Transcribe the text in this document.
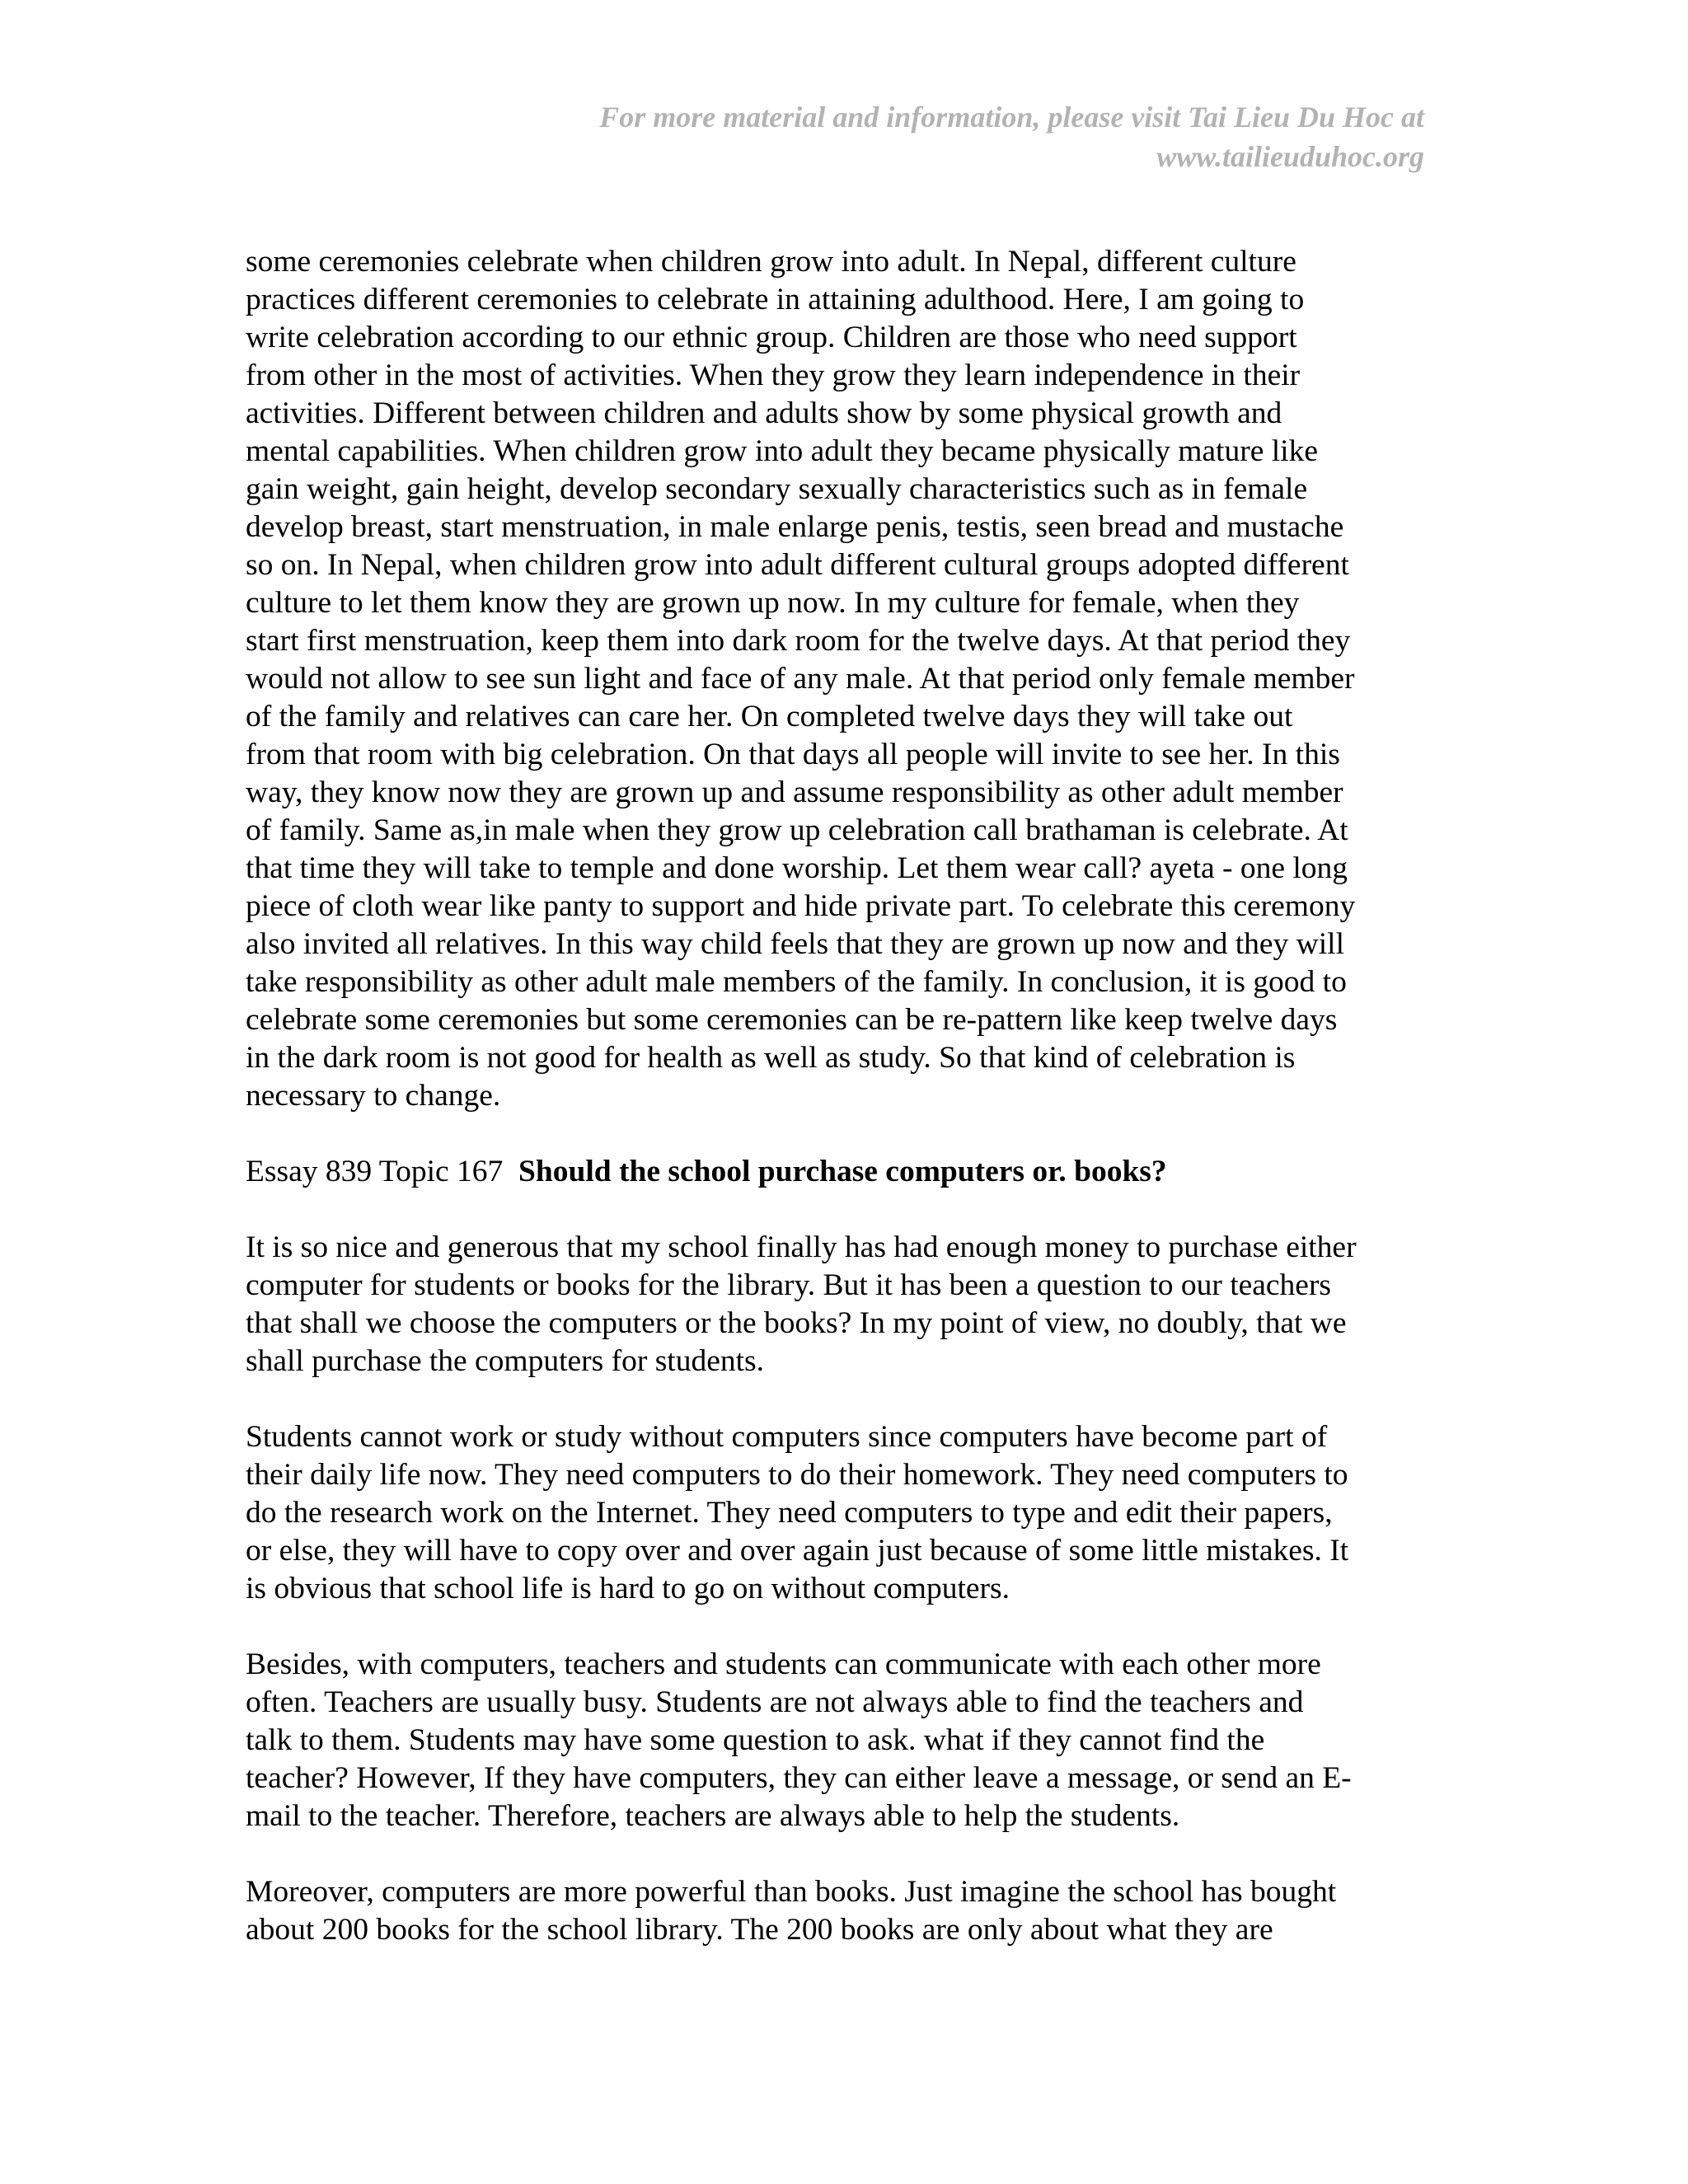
For more material and information, please visit Tai Lieu Du Hoc at
www.tailieuduhoc.org
some ceremonies celebrate when children grow into adult. In Nepal, different culture
practices different ceremonies to celebrate in attaining adulthood. Here, I am going to
write celebration according to our ethnic group. Children are those who need support
from other in the most of activities. When they grow they learn independence in their
activities. Different between children and adults show by some physical growth and
mental capabilities. When children grow into adult they became physically mature like
gain weight, gain height, develop secondary sexually characteristics such as in female
develop breast, start menstruation, in male enlarge penis, testis, seen bread and mustache
so on. In Nepal, when children grow into adult different cultural groups adopted different
culture to let them know they are grown up now. In my culture for female, when they
start first menstruation, keep them into dark room for the twelve days. At that period they
would not allow to see sun light and face of any male. At that period only female member
of the family and relatives can care her. On completed twelve days they will take out
from that room with big celebration. On that days all people will invite to see her. In this
way, they know now they are grown up and assume responsibility as other adult member
of family. Same as,in male when they grow up celebration call brathaman is celebrate. At
that time they will take to temple and done worship. Let them wear call? ayeta - one long
piece of cloth wear like panty to support and hide private part. To celebrate this ceremony
also invited all relatives. In this way child feels that they are grown up now and they will
take responsibility as other adult male members of the family. In conclusion, it is good to
celebrate some ceremonies but some ceremonies can be re-pattern like keep twelve days
in the dark room is not good for health as well as study. So that kind of celebration is
necessary to change.
Essay 839 Topic 167 Should the school purchase computers or. books?
It is so nice and generous that my school finally has had enough money to purchase either
computer for students or books for the library. But it has been a question to our teachers
that shall we choose the computers or the books? In my point of view, no doubly, that we
shall purchase the computers for students.
Students cannot work or study without computers since computers have become part of
their daily life now. They need computers to do their homework. They need computers to
do the research work on the Internet. They need computers to type and edit their papers,
or else, they will have to copy over and over again just because of some little mistakes. It
is obvious that school life is hard to go on without computers.
Besides, with computers, teachers and students can communicate with each other more
often. Teachers are usually busy. Students are not always able to find the teachers and
talk to them. Students may have some question to ask. what if they cannot find the
teacher? However, If they have computers, they can either leave a message, or send an E-
mail to the teacher. Therefore, teachers are always able to help the students.
Moreover, computers are more powerful than books. Just imagine the school has bought
about 200 books for the school library. The 200 books are only about what they are
